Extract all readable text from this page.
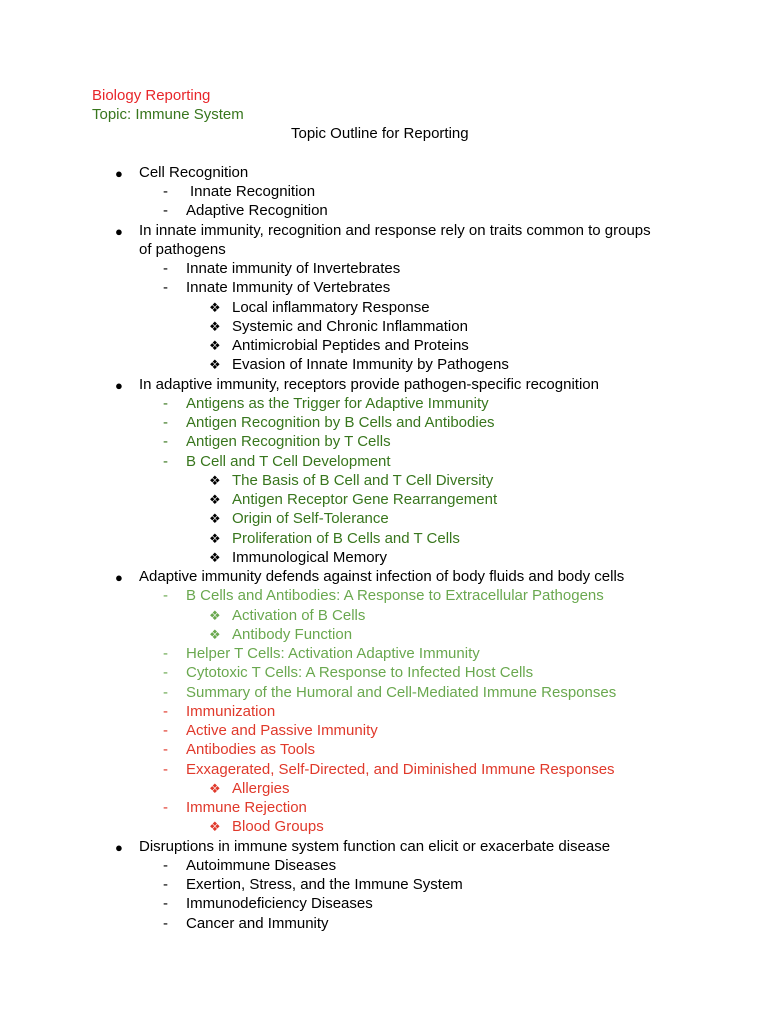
Biology Reporting
Topic: Immune System
Topic Outline for Reporting
● Cell Recognition
- Innate Recognition
- Adaptive Recognition
● In innate immunity, recognition and response rely on traits common to groups
of pathogens
- Innate immunity of Invertebrates
- Innate Immunity of Vertebrates
❖ Local inflammatory Response
❖ Systemic and Chronic Inflammation
❖ Antimicrobial Peptides and Proteins
❖ Evasion of Innate Immunity by Pathogens
● In adaptive immunity, receptors provide pathogen-specific recognition
- Antigens as the Trigger for Adaptive Immunity
- Antigen Recognition by B Cells and Antibodies
- Antigen Recognition by T Cells
- B Cell and T Cell Development
❖ The Basis of B Cell and T Cell Diversity
❖ Antigen Receptor Gene Rearrangement
❖ Origin of Self-Tolerance
❖ Proliferation of B Cells and T Cells
❖ Immunological Memory
● Adaptive immunity defends against infection of body fluids and body cells
- B Cells and Antibodies: A Response to Extracellular Pathogens
❖ Activation of B Cells
❖ Antibody Function
- Helper T Cells: Activation Adaptive Immunity
- Cytotoxic T Cells: A Response to Infected Host Cells
- Summary of the Humoral and Cell-Mediated Immune Responses
- Immunization
- Active and Passive Immunity
- Antibodies as Tools
- Exxagerated, Self-Directed, and Diminished Immune Responses
❖ Allergies
- Immune Rejection
❖ Blood Groups
● Disruptions in immune system function can elicit or exacerbate disease
- Autoimmune Diseases
- Exertion, Stress, and the Immune System
- Immunodeficiency Diseases
- Cancer and Immunity
